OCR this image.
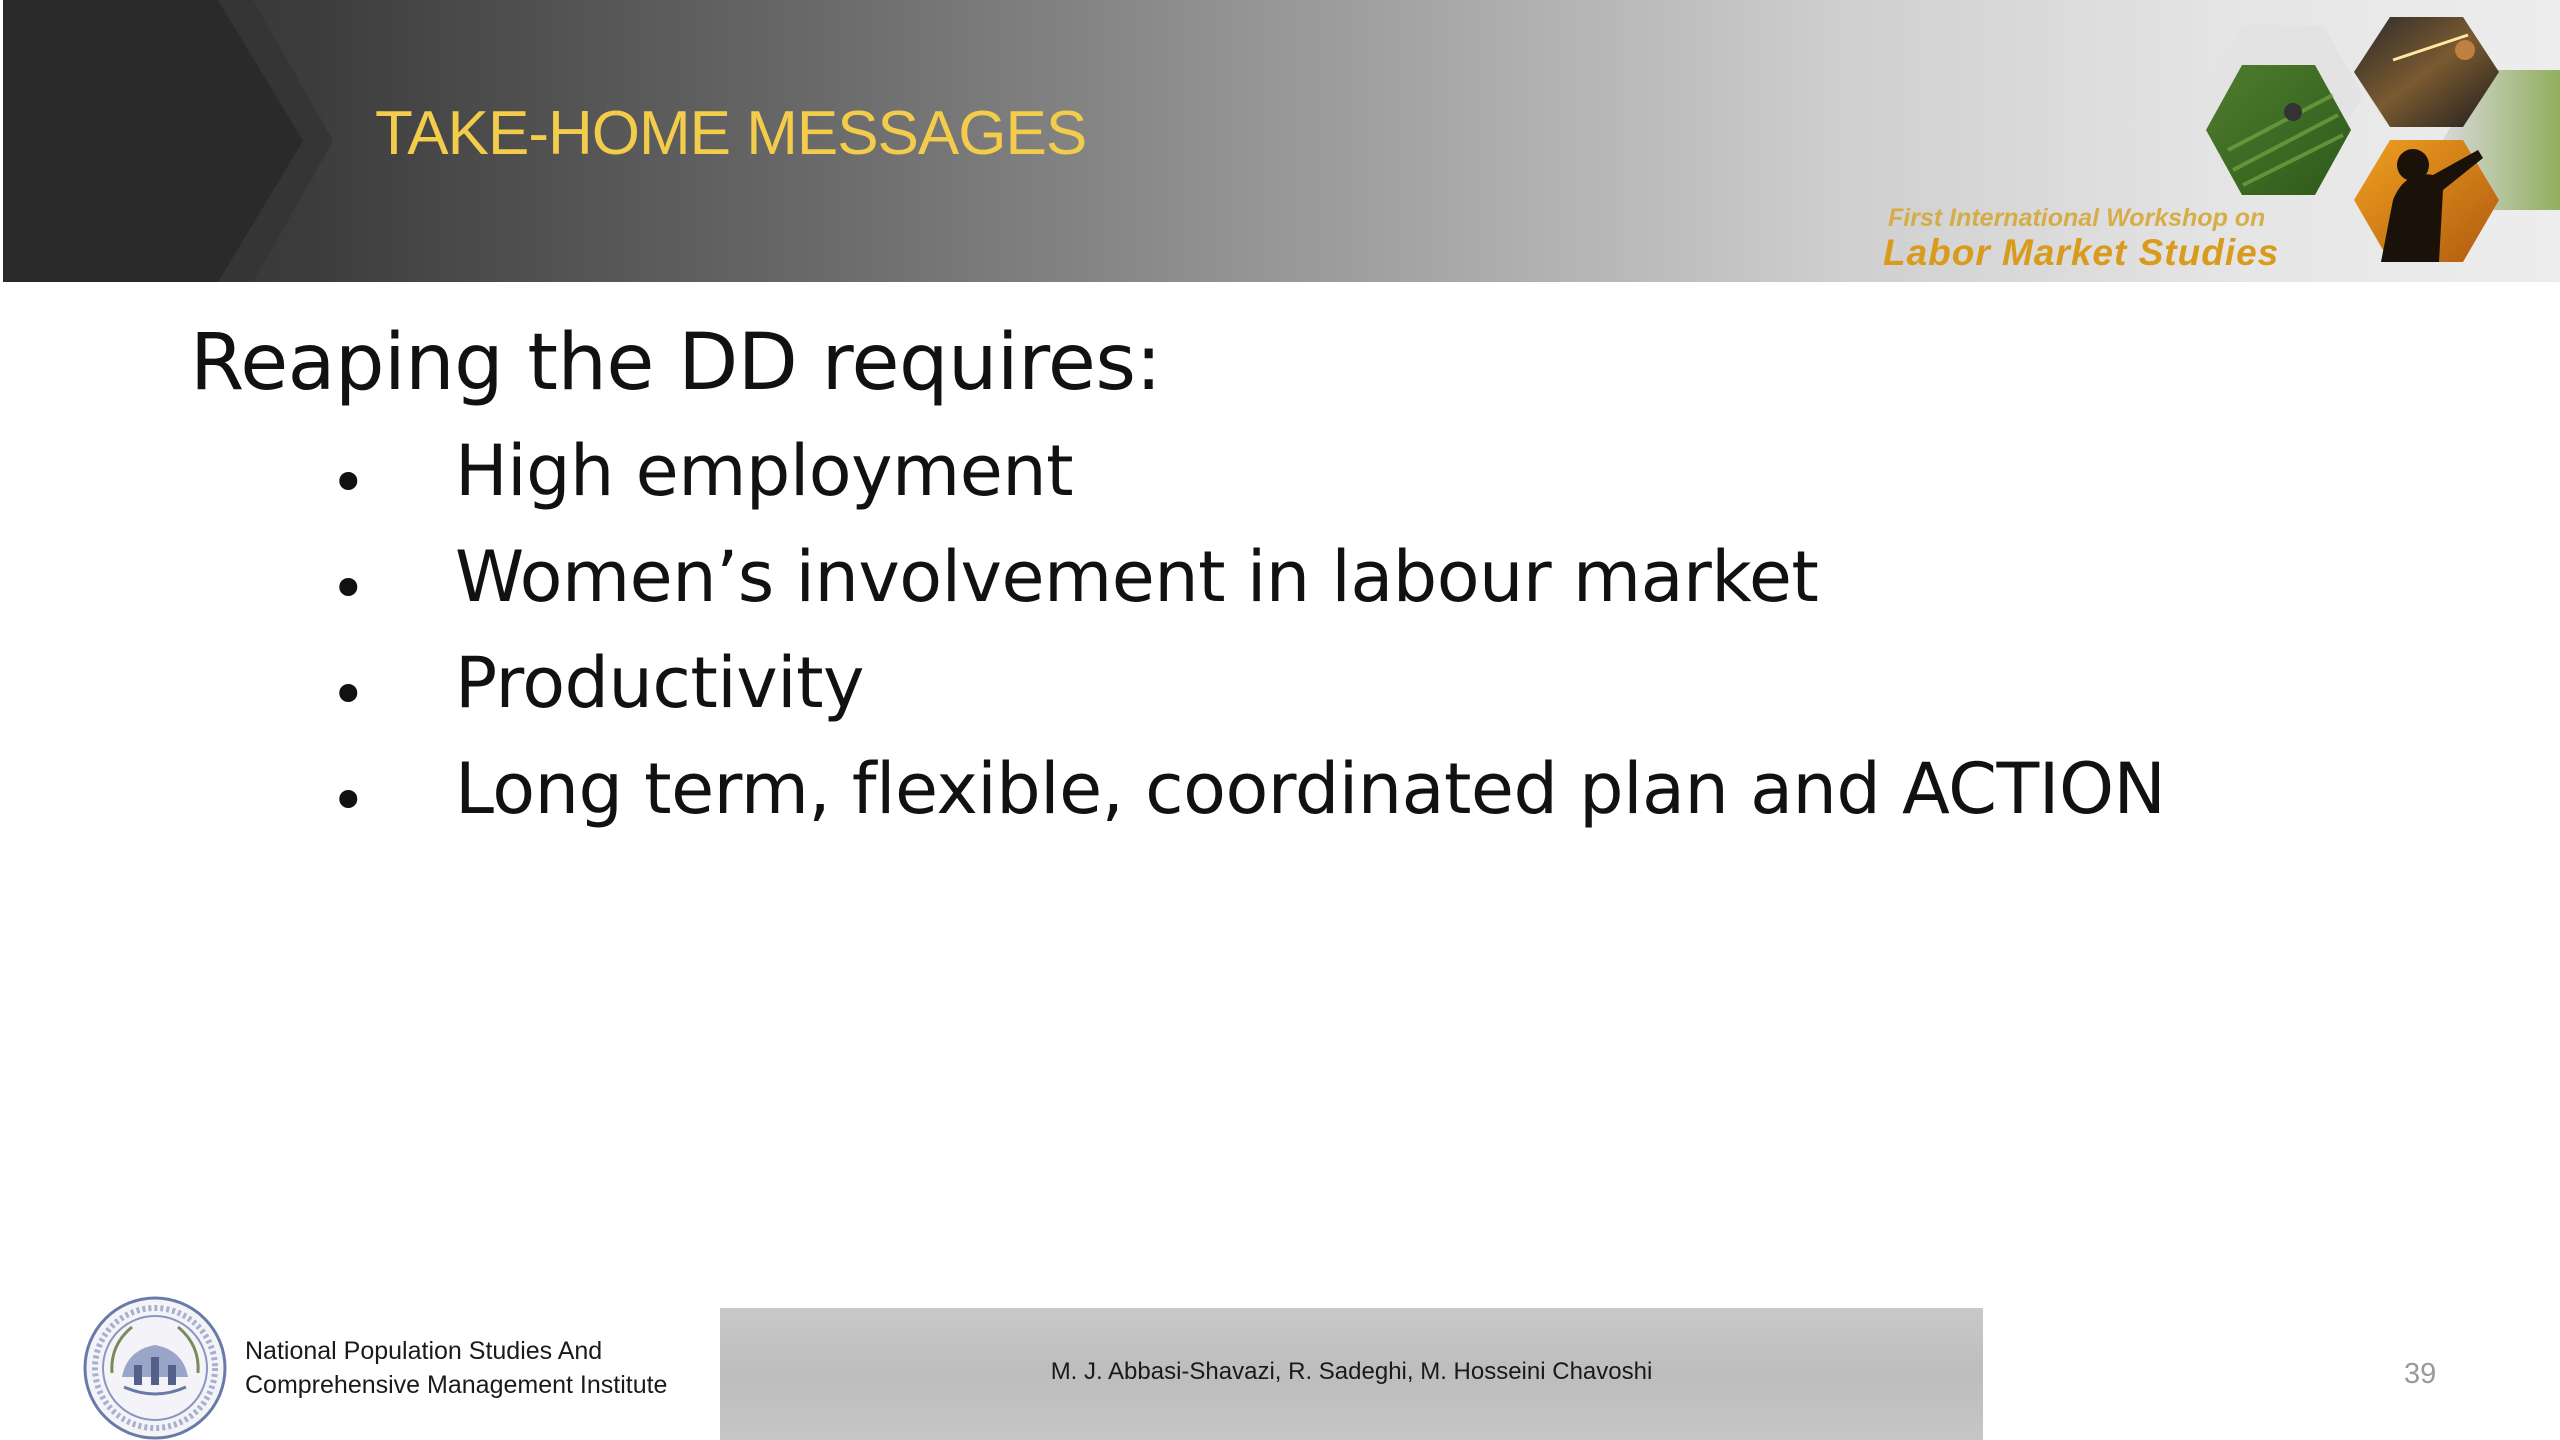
TAKE-HOME MESSAGES
First International Workshop on
Labor Market Studies
Reaping the DD requires:
• High employment
• Women’s involvement in labour market
• Productivity
• Long term, flexible, coordinated plan and ACTION
National Population Studies And
Comprehensive Management Institute	M. J. Abbasi-Shavazi, R. Sadeghi, M. Hosseini Chavoshi	39
